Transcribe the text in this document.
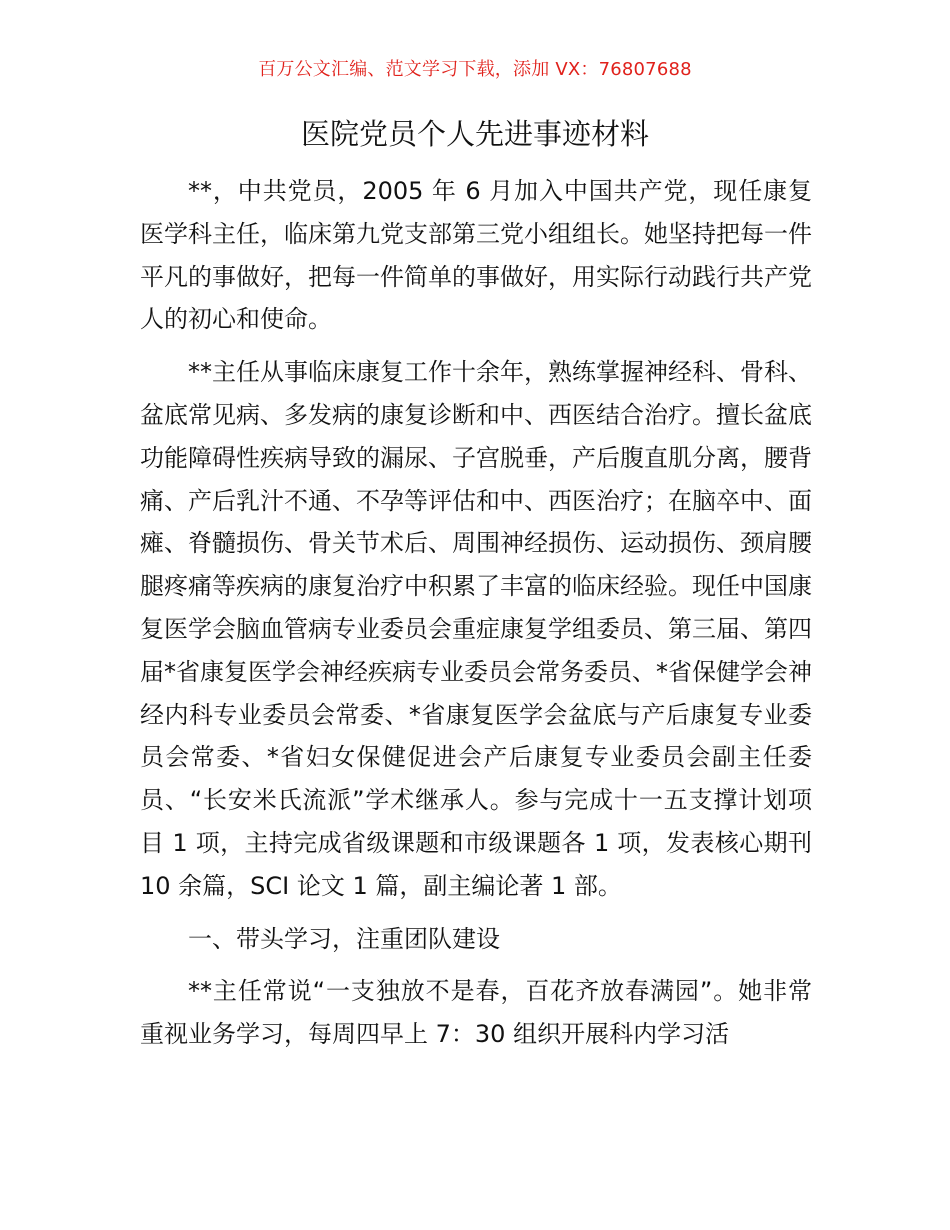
百万公文汇编、范文学习下载，添加 VX：76807688
医院党员个人先进事迹材料

**，中共党员，2005 年 6 月加入中国共产党，现任康复医学科主任，临床第九党支部第三党小组组长。她坚持把每一件平凡的事做好，把每一件简单的事做好，用实际行动践行共产党人的初心和使命。

**主任从事临床康复工作十余年，熟练掌握神经科、骨科、盆底常见病、多发病的康复诊断和中、西医结合治疗。擅长盆底功能障碍性疾病导致的漏尿、子宫脱垂，产后腹直肌分离，腰背痛、产后乳汁不通、不孕等评估和中、西医治疗；在脑卒中、面瘫、脊髓损伤、骨关节术后、周围神经损伤、运动损伤、颈肩腰腿疼痛等疾病的康复治疗中积累了丰富的临床经验。现任中国康复医学会脑血管病专业委员会重症康复学组委员、第三届、第四届*省康复医学会神经疾病专业委员会常务委员、*省保健学会神经内科专业委员会常委、*省康复医学会盆底与产后康复专业委员会常委、*省妇女保健促进会产后康复专业委员会副主任委员、“长安米氏流派”学术继承人。参与完成十一五支撑计划项目 1 项，主持完成省级课题和市级课题各 1 项，发表核心期刊 10 余篇，SCI 论文 1 篇，副主编论著 1 部。

一、带头学习，注重团队建设

**主任常说“一支独放不是春，百花齐放春满园”。她非常重视业务学习，每周四早上 7：30 组织开展科内学习活
